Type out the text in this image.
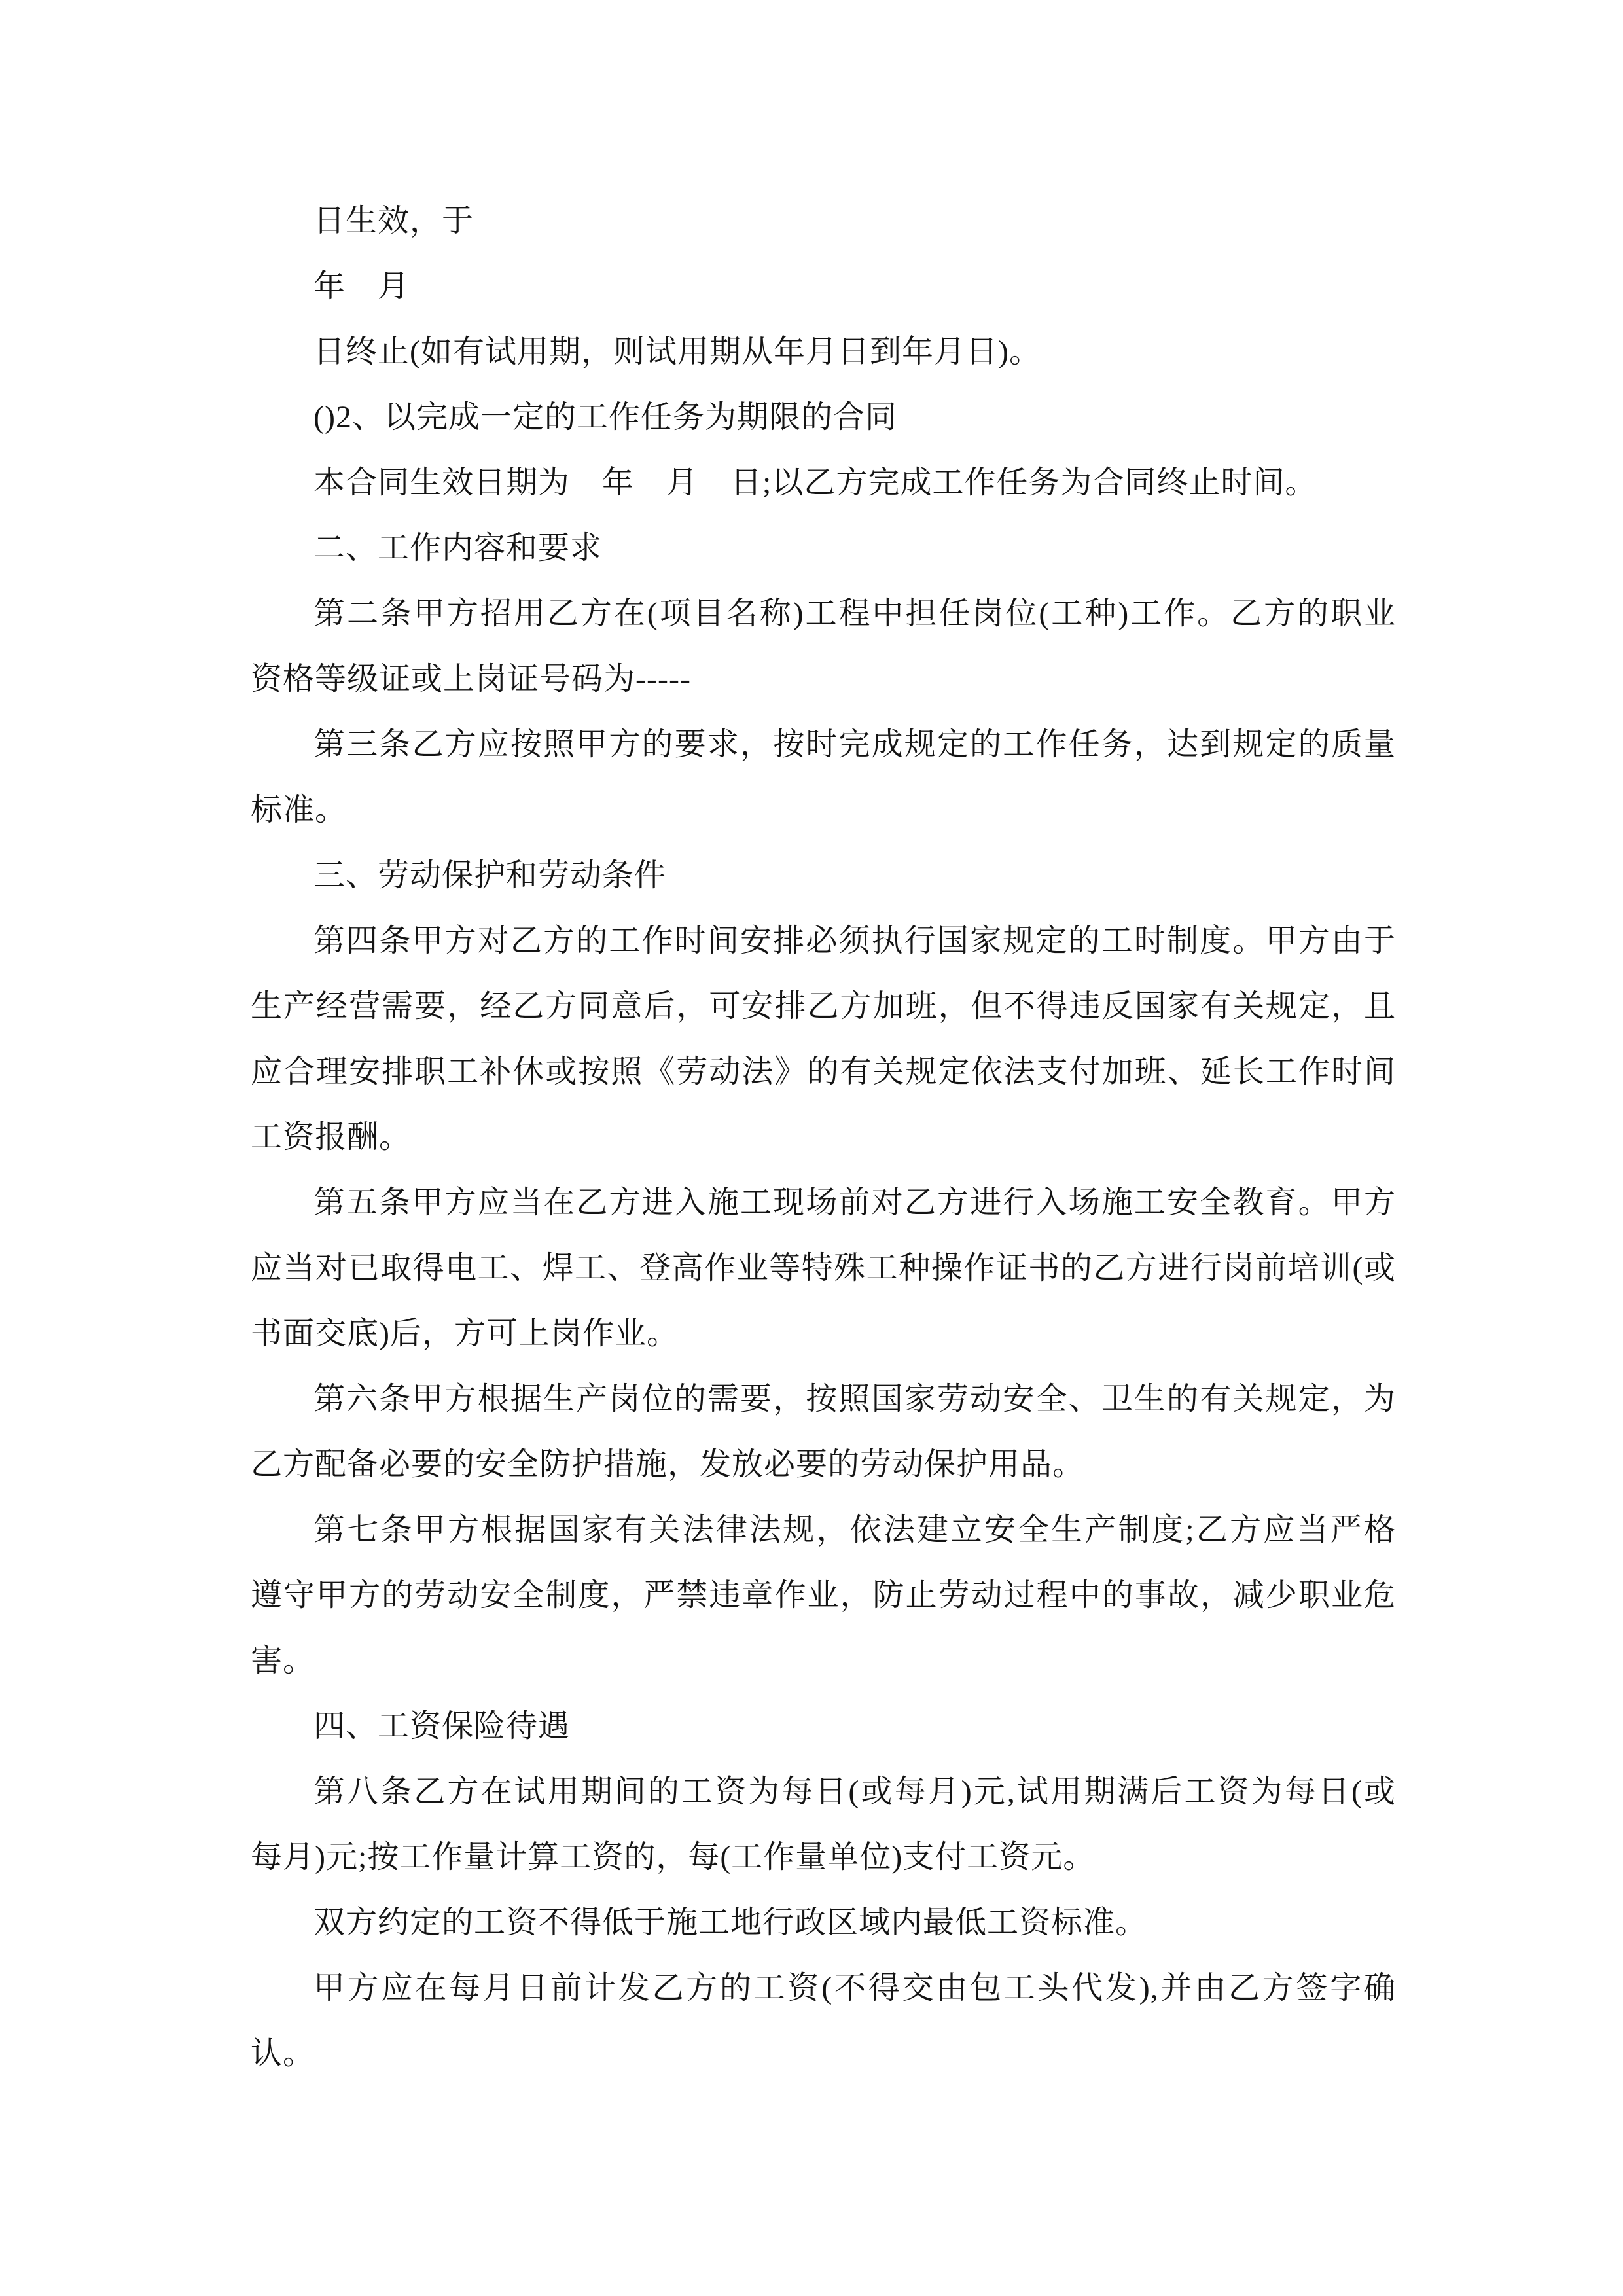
日生效，于
年　月
日终止(如有试用期，则试用期从年月日到年月日)。
()2、以完成一定的工作任务为期限的合同
本合同生效日期为　年　月　日;以乙方完成工作任务为合同终止时间。
二、工作内容和要求
第二条甲方招用乙方在(项目名称)工程中担任岗位(工种)工作。乙方的职业
资格等级证或上岗证号码为-----
第三条乙方应按照甲方的要求，按时完成规定的工作任务，达到规定的质量
标准。
三、劳动保护和劳动条件
第四条甲方对乙方的工作时间安排必须执行国家规定的工时制度。甲方由于
生产经营需要，经乙方同意后，可安排乙方加班，但不得违反国家有关规定，且
应合理安排职工补休或按照《劳动法》的有关规定依法支付加班、延长工作时间
工资报酬。
第五条甲方应当在乙方进入施工现场前对乙方进行入场施工安全教育。甲方
应当对已取得电工、焊工、登高作业等特殊工种操作证书的乙方进行岗前培训(或
书面交底)后，方可上岗作业。
第六条甲方根据生产岗位的需要，按照国家劳动安全、卫生的有关规定，为
乙方配备必要的安全防护措施，发放必要的劳动保护用品。
第七条甲方根据国家有关法律法规，依法建立安全生产制度;乙方应当严格
遵守甲方的劳动安全制度，严禁违章作业，防止劳动过程中的事故，减少职业危
害。
四、工资保险待遇
第八条乙方在试用期间的工资为每日(或每月)元,试用期满后工资为每日(或
每月)元;按工作量计算工资的，每(工作量单位)支付工资元。
双方约定的工资不得低于施工地行政区域内最低工资标准。
甲方应在每月日前计发乙方的工资(不得交由包工头代发),并由乙方签字确
认。
